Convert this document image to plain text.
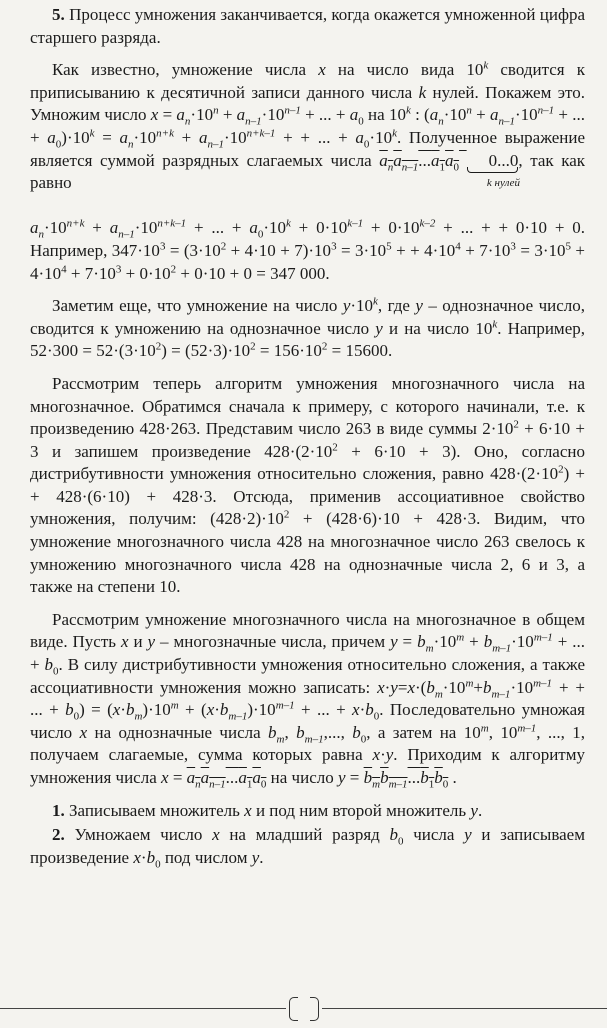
5. Процесс умножения заканчивается, когда окажется умноженной цифра старшего разряда.

Как известно, умножение числа x на число вида 10$^k$ сводится к приписыванию к десятичной записи данного числа k нулей. Покажем это. Умножим число $x = a_n\cdot 10^n + a_{n-1}\cdot 10^{n-1}$ + ... + $a_0$ на 10$^k$ : ($a_n\cdot 10^n + a_{n-1}\cdot 10^{n-1}$ + ... + $a_0)\cdot 10^k = a_n\cdot 10^{n+k} + a_{n-1}\cdot 10^{n+k-1}$ + + ... + $a_0\cdot 10^k$. Полученное выражение является суммой разрядных слагаемых числа $a_na_{n-1}...a_1a_0$ 0...0
k нулей
, так как равно

$a_n\cdot 10^{n+k} + a_{n-1}\cdot 10^{n+k-1}$ + ... + $a_0\cdot 10^k + 0\cdot 10^{k-1} + 0\cdot 10^{k-2}$ + ... + + 0·10 + 0. Например, $347\cdot 10^3 = (3\cdot 10^2 + 4\cdot 10 + 7)\cdot 10^3 = 3\cdot 10^5$ + + $4\cdot 10^4 + 7\cdot 10^3 = 3\cdot 10^5 + 4\cdot 10^4 + 7\cdot 10^3 + 0\cdot 10^2 + 0\cdot 10 + 0 = 347$ 000.

Заметим еще, что умножение на число $y\cdot 10^k$, где y – однозначное число, сводится к умножению на однозначное число y и на число 10$^k$. Например, $52\cdot 300 = 52\cdot(3\cdot 10^2) = (52\cdot 3)\cdot 10^2 = 156\cdot 10^2 = 15600$.

Рассмотрим теперь алгоритм умножения многозначного числа на многозначное. Обратимся сначала к примеру, с которого начинали, т.е. к произведению 428·263. Представим число 263 в виде суммы $2\cdot 10^2 + 6\cdot 10 + 3$ и запишем произведение $428\cdot(2\cdot 10^2 + 6\cdot 10 + 3)$. Оно, согласно дистрибутивности умножения относительно сложения, равно $428\cdot(2\cdot 10^2)$ + + 428·(6·10) + 428·3. Отсюда, применив ассоциативное свойство умножения, получим: $(428\cdot 2)\cdot 10^2 + (428\cdot 6)\cdot 10 + 428\cdot 3$. Видим, что умножение многозначного числа 428 на многозначное число 263 свелось к умножению многозначного числа 428 на однозначные числа 2, 6 и 3, а также на степени 10.

Рассмотрим умножение многозначного числа на многозначное в общем виде. Пусть x и y – многозначные числа, причем $y = b_m\cdot 10^m + b_{m-1}\cdot 10^{m-1}$ + ... + $b_0$. В силу дистрибутивности умножения относительно сложения, а также ассоциативности умножения можно записать: $x\cdot y=x\cdot(b_m\cdot 10^m+b_{m-1}\cdot 10^{m-1}$ + + ... + $b_0) = (x\cdot b_m)\cdot 10^m + (x\cdot b_{m-1})\cdot 10^{m-1}$ + ... + $x\cdot b_0$. Последовательно умножая число x на однозначные числа $b_m$, $b_{m-1}$,..., $b_0$, а затем на 10$^m$, 10$^{m-1}$, ..., 1, получаем слагаемые, сумма которых равна x·y. Приходим к алгоритму умножения числа $x = a_na_{n-1}...a_1a_0$ на число $y = b_mb_{m-1}...b_1b_0$ .

1. Записываем множитель x и под ним второй множитель y.

2. Умножаем число x на младший разряд $b_0$ числа y и записываем произведение $x\cdot b_0$ под числом y.
